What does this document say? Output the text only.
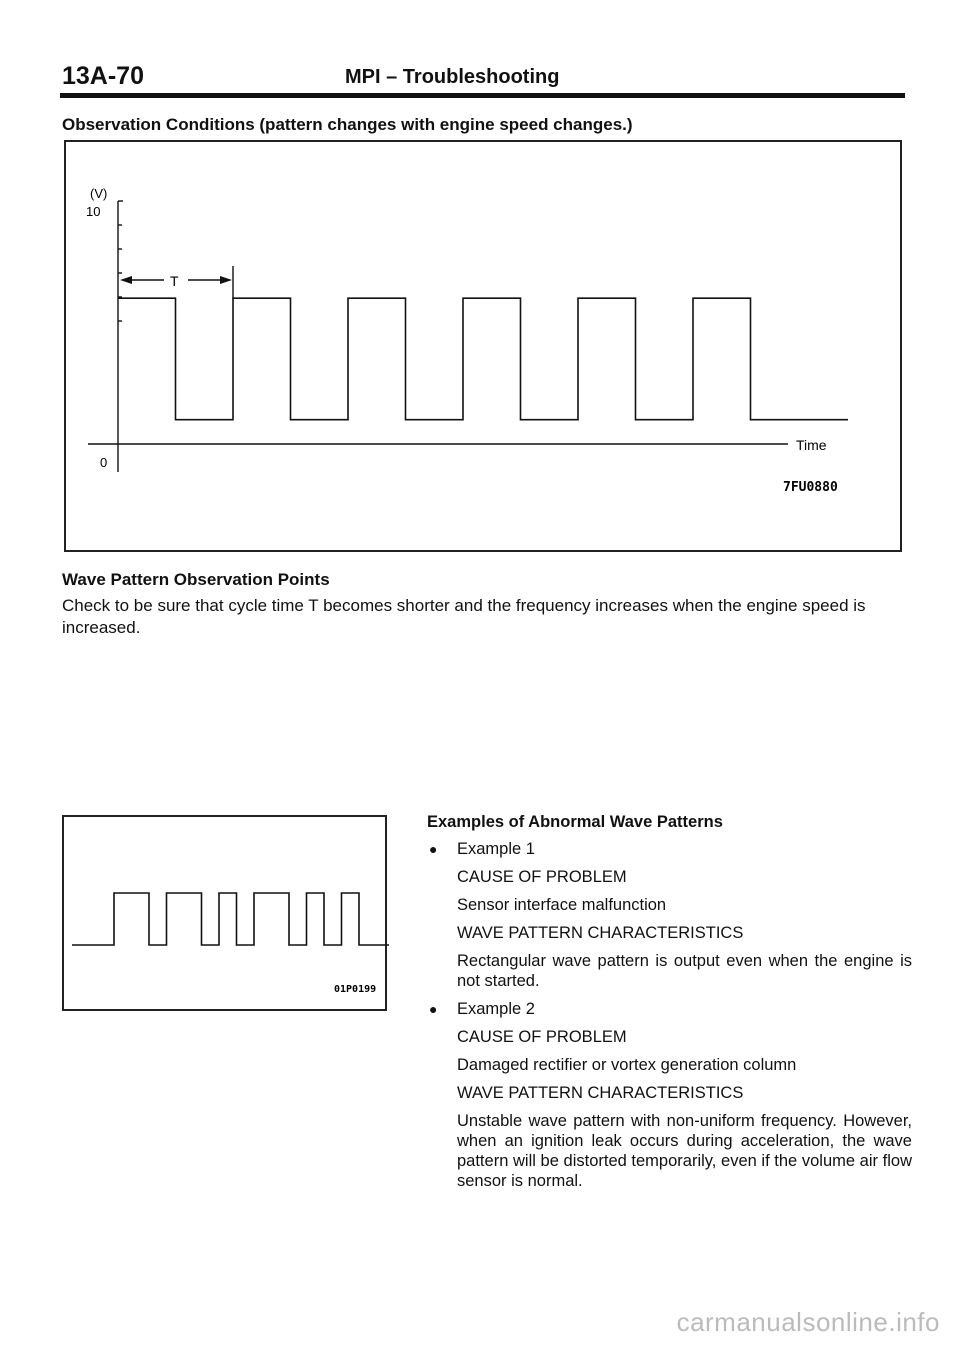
13A-70	MPI – Troubleshooting
Observation Conditions (pattern changes with engine speed changes.)
(V)
10
0
Time
T
7FU0880
Wave Pattern Observation Points
Check to be sure that cycle time T becomes shorter and the frequency increases when the engine speed is increased.
01P0199
Examples of Abnormal Wave Patterns
● Example 1
CAUSE OF PROBLEM
Sensor interface malfunction
WAVE PATTERN CHARACTERISTICS
Rectangular wave pattern is output even when the engine is not started.
● Example 2
CAUSE OF PROBLEM
Damaged rectifier or vortex generation column
WAVE PATTERN CHARACTERISTICS
Unstable wave pattern with non-uniform frequency. However, when an ignition leak occurs during acceleration, the wave pattern will be distorted temporarily, even if the volume air flow sensor is normal.
carmanualsonline.info
